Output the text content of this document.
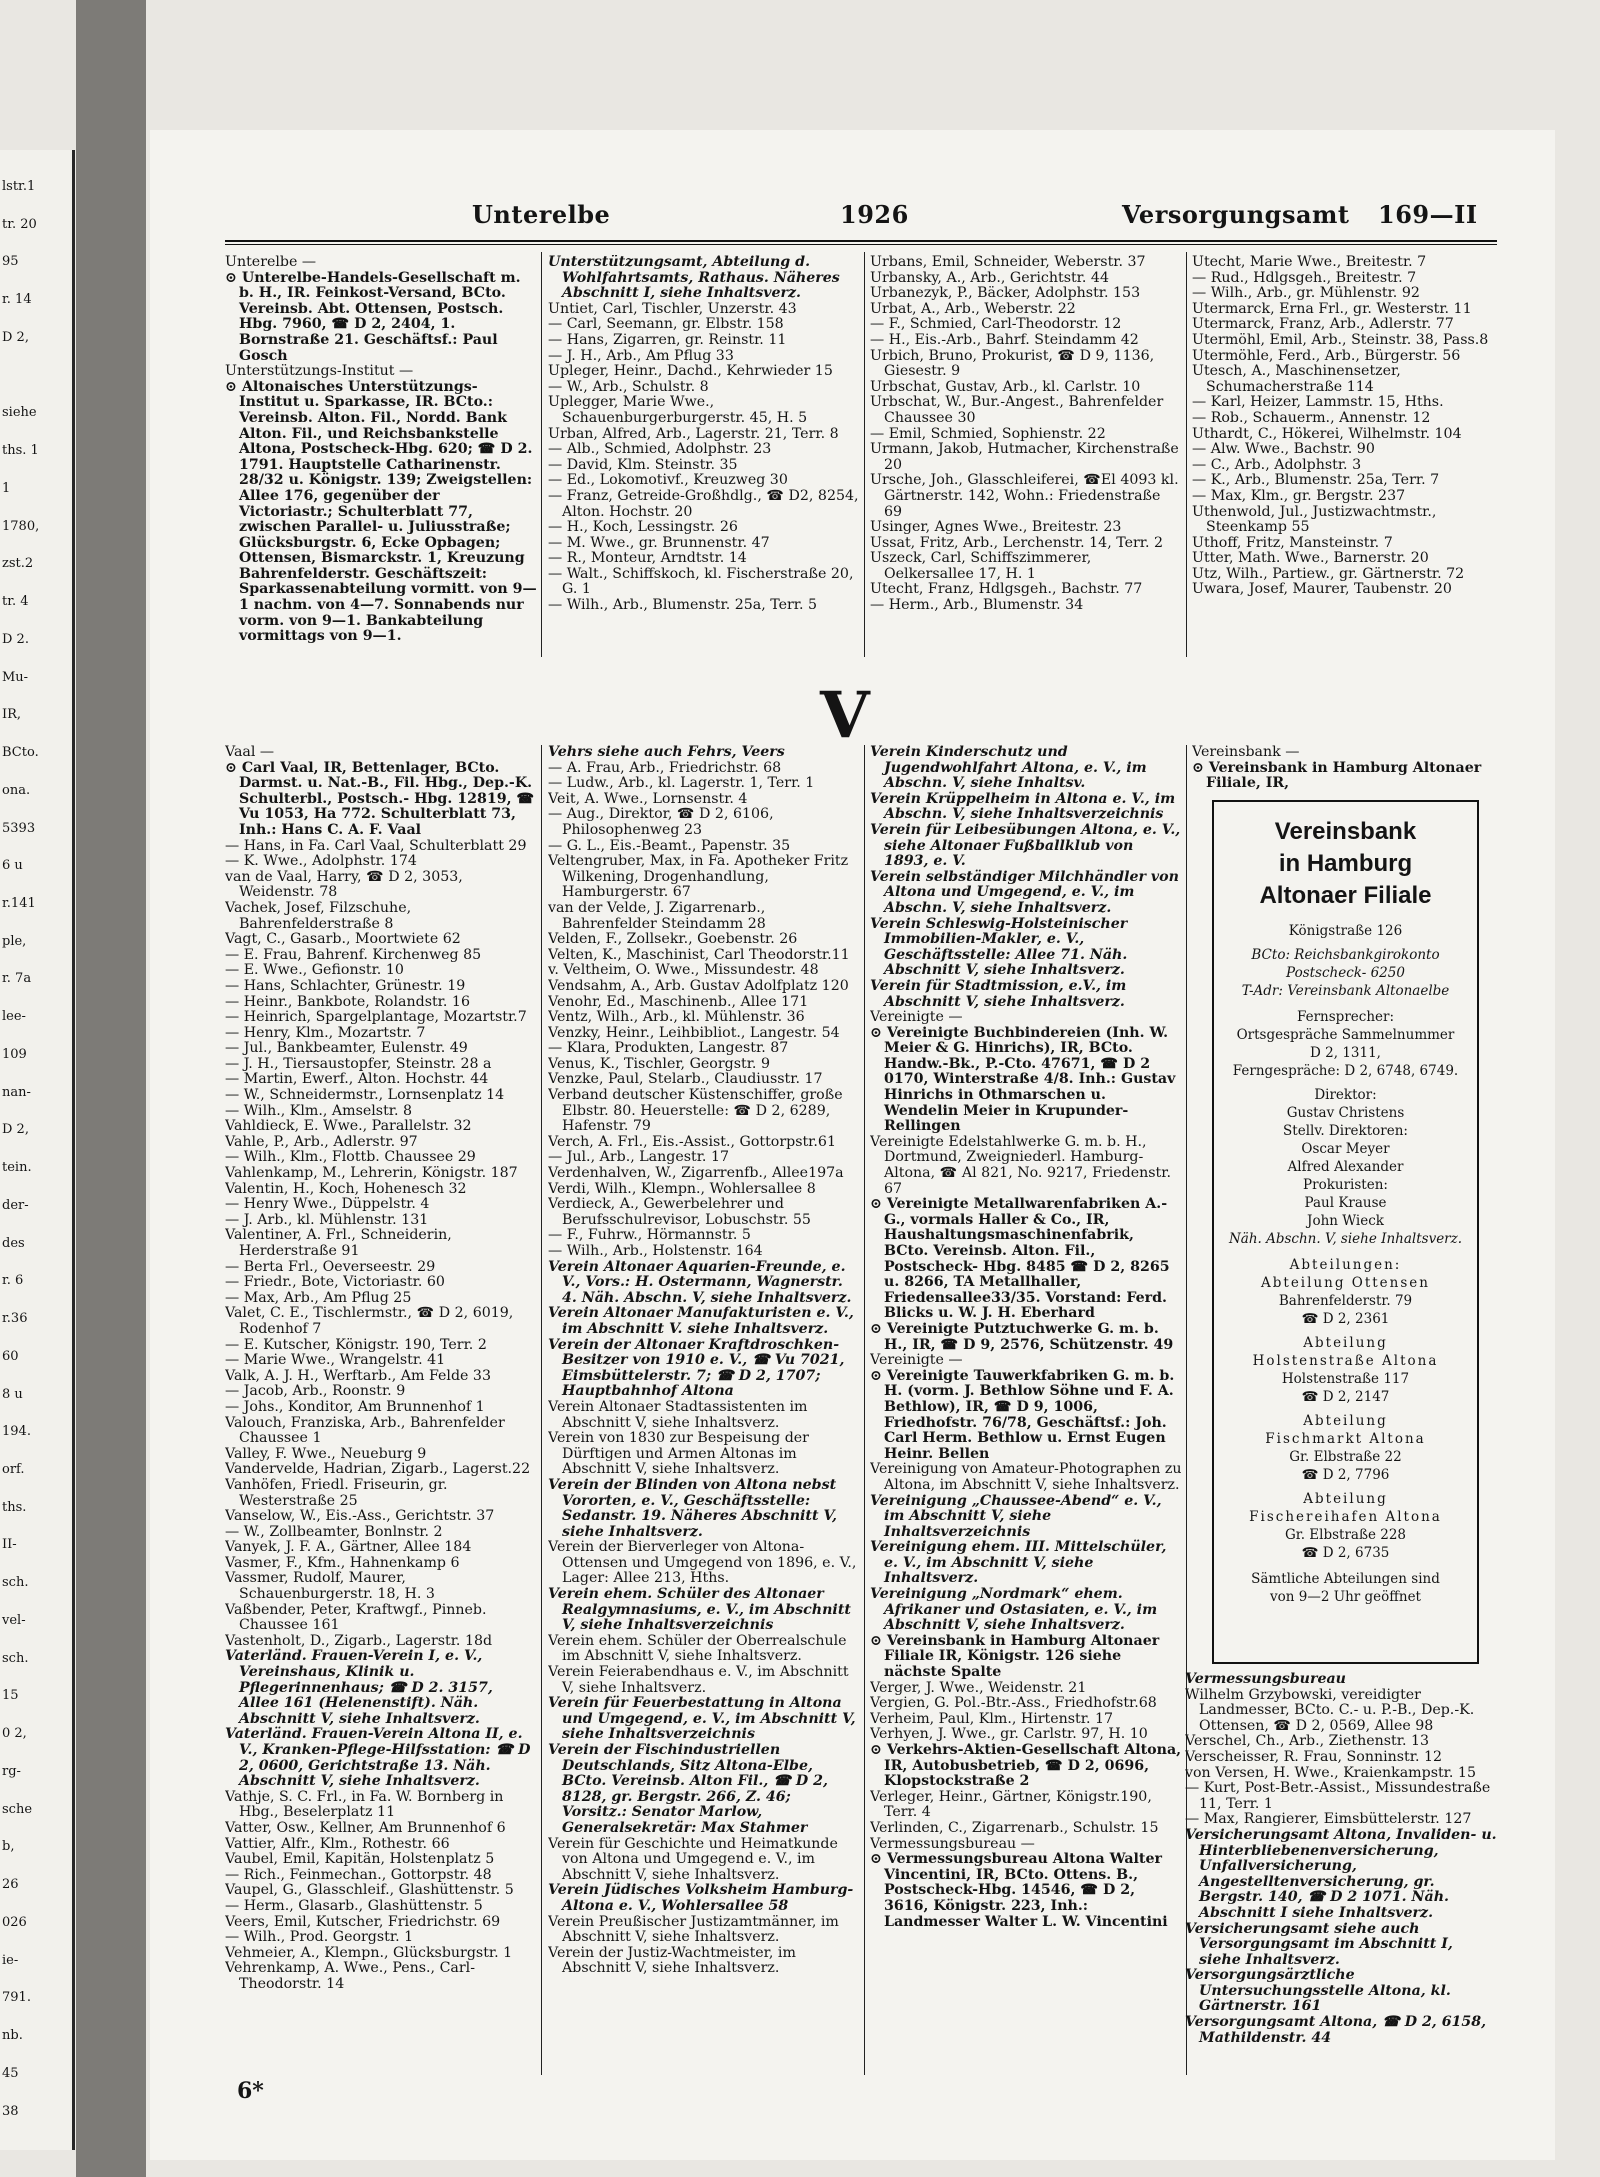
lstr.1
tr. 20
95
r. 14
D 2,
siehe
ths. 1
1
1780,
zst.2
tr. 4
D 2.
Mu-
IR,
BCto.
ona.
5393
6 u
r.141
ple,
r. 7a
lee-
109
nan-
D 2,
tein.
der-
des
r. 6
r.36
60
8 u
194.
orf.
ths.
II-
sch.
vel-
sch.
15
0 2,
rg-
sche
b,
26
026
ie-
791.
nb.
45
38
Unterelbe	1926	Versorgungsamt 169—II
Unterelbe —
⊙ Unterelbe-Handels-Gesellschaft m. b. H., IR. Feinkost-Versand, BCto. Vereinsb. Abt. Ottensen, Postsch. Hbg. 7960, ☎ D 2, 2404, 1. Bornstraße 21. Geschäftsf.: Paul Gosch
Unterstützungs-Institut —
⊙ Altonaisches Unterstützungs-Institut u. Sparkasse, IR. BCto.: Vereinsb. Alton. Fil., Nordd. Bank Alton. Fil., und Reichsbankstelle Altona, Postscheck-Hbg. 620; ☎ D 2. 1791. Hauptstelle Catharinenstr. 28/32 u. Königstr. 139; Zweigstellen: Allee 176, gegenüber der Victoriastr.; Schulterblatt 77, zwischen Parallel- u. Juliusstraße; Glücksburgstr. 6, Ecke Opbagen; Ottensen, Bismarckstr. 1, Kreuzung Bahrenfelderstr. Geschäftszeit: Sparkassenabteilung vormitt. von 9—1 nachm. von 4—7. Sonnabends nur vorm. von 9—1. Bankabteilung vormittags von 9—1.
Unterstützungsamt, Abteilung d. Wohlfahrtsamts, Rathaus. Näheres Abschnitt I, siehe Inhaltsverz.
Untiet, Carl, Tischler, Unzerstr. 43
— Carl, Seemann, gr. Elbstr. 158
— Hans, Zigarren, gr. Reinstr. 11
— J. H., Arb., Am Pflug 33
Upleger, Heinr., Dachd., Kehrwieder 15
— W., Arb., Schulstr. 8
Uplegger, Marie Wwe., Schauenburgerburgerstr. 45, H. 5
Urban, Alfred, Arb., Lagerstr. 21, Terr. 8
— Alb., Schmied, Adolphstr. 23
— David, Klm. Steinstr. 35
— Ed., Lokomotivf., Kreuzweg 30
— Franz, Getreide-Großhdlg., ☎ D2, 8254, Alton. Hochstr. 20
— H., Koch, Lessingstr. 26
— M. Wwe., gr. Brunnenstr. 47
— R., Monteur, Arndtstr. 14
— Walt., Schiffskoch, kl. Fischerstraße 20, G. 1
— Wilh., Arb., Blumenstr. 25a, Terr. 5
Urbans, Emil, Schneider, Weberstr. 37
Urbansky, A., Arb., Gerichtstr. 44
Urbanezyk, P., Bäcker, Adolphstr. 153
Urbat, A., Arb., Weberstr. 22
— F., Schmied, Carl-Theodorstr. 12
— H., Eis.-Arb., Bahrf. Steindamm 42
Urbich, Bruno, Prokurist, ☎ D 9, 1136, Giesestr. 9
Urbschat, Gustav, Arb., kl. Carlstr. 10
Urbschat, W., Bur.-Angest., Bahrenfelder Chaussee 30
— Emil, Schmied, Sophienstr. 22
Urmann, Jakob, Hutmacher, Kirchenstraße 20
Ursche, Joh., Glasschleiferei, ☎El 4093 kl. Gärtnerstr. 142, Wohn.: Friedenstraße 69
Usinger, Agnes Wwe., Breitestr. 23
Ussat, Fritz, Arb., Lerchenstr. 14, Terr. 2
Uszeck, Carl, Schiffszimmerer, Oelkersallee 17, H. 1
Utecht, Franz, Hdlgsgeh., Bachstr. 77
— Herm., Arb., Blumenstr. 34
Utecht, Marie Wwe., Breitestr. 7
— Rud., Hdlgsgeh., Breitestr. 7
— Wilh., Arb., gr. Mühlenstr. 92
Utermarck, Erna Frl., gr. Westerstr. 11
Utermarck, Franz, Arb., Adlerstr. 77
Utermöhl, Emil, Arb., Steinstr. 38, Pass.8
Utermöhle, Ferd., Arb., Bürgerstr. 56
Utesch, A., Maschinensetzer, Schumacherstraße 114
— Karl, Heizer, Lammstr. 15, Hths.
— Rob., Schauerm., Annenstr. 12
Uthardt, C., Hökerei, Wilhelmstr. 104
— Alw. Wwe., Bachstr. 90
— C., Arb., Adolphstr. 3
— K., Arb., Blumenstr. 25a, Terr. 7
— Max, Klm., gr. Bergstr. 237
Uthenwold, Jul., Justizwachtmstr., Steenkamp 55
Uthoff, Fritz, Mansteinstr. 7
Utter, Math. Wwe., Barnerstr. 20
Utz, Wilh., Partiew., gr. Gärtnerstr. 72
Uwara, Josef, Maurer, Taubenstr. 20
V
Vaal —
⊙ Carl Vaal, IR, Bettenlager, BCto. Darmst. u. Nat.-B., Fil. Hbg., Dep.-K. Schulterbl., Postsch.- Hbg. 12819, ☎ Vu 1053, Ha 772. Schulterblatt 73, Inh.: Hans C. A. F. Vaal
— Hans, in Fa. Carl Vaal, Schulterblatt 29
— K. Wwe., Adolphstr. 174
van de Vaal, Harry, ☎ D 2, 3053, Weidenstr. 78
Vachek, Josef, Filzschuhe, Bahrenfelderstraße 8
Vagt, C., Gasarb., Moortwiete 62
— E. Frau, Bahrenf. Kirchenweg 85
— E. Wwe., Gefionstr. 10
— Hans, Schlachter, Grünestr. 19
— Heinr., Bankbote, Rolandstr. 16
— Heinrich, Spargelplantage, Mozartstr.7
— Henry, Klm., Mozartstr. 7
— Jul., Bankbeamter, Eulenstr. 49
— J. H., Tiersaustopfer, Steinstr. 28 a
— Martin, Ewerf., Alton. Hochstr. 44
— W., Schneidermstr., Lornsenplatz 14
— Wilh., Klm., Amselstr. 8
Vahldieck, E. Wwe., Parallelstr. 32
Vahle, P., Arb., Adlerstr. 97
— Wilh., Klm., Flottb. Chaussee 29
Vahlenkamp, M., Lehrerin, Königstr. 187
Valentin, H., Koch, Hohenesch 32
— Henry Wwe., Düppelstr. 4
— J. Arb., kl. Mühlenstr. 131
Valentiner, A. Frl., Schneiderin, Herderstraße 91
— Berta Frl., Oeverseestr. 29
— Friedr., Bote, Victoriastr. 60
— Max, Arb., Am Pflug 25
Valet, C. E., Tischlermstr., ☎ D 2, 6019, Rodenhof 7
— E. Kutscher, Königstr. 190, Terr. 2
— Marie Wwe., Wrangelstr. 41
Valk, A. J. H., Werftarb., Am Felde 33
— Jacob, Arb., Roonstr. 9
— Johs., Konditor, Am Brunnenhof 1
Valouch, Franziska, Arb., Bahrenfelder Chaussee 1
Valley, F. Wwe., Neueburg 9
Vandervelde, Hadrian, Zigarb., Lagerst.22
Vanhöfen, Friedl. Friseurin, gr. Westerstraße 25
Vanselow, W., Eis.-Ass., Gerichtstr. 37
— W., Zollbeamter, Bonlnstr. 2
Vanyek, J. F. A., Gärtner, Allee 184
Vasmer, F., Kfm., Hahnenkamp 6
Vassmer, Rudolf, Maurer, Schauenburgerstr. 18, H. 3
Vaßbender, Peter, Kraftwgf., Pinneb. Chaussee 161
Vastenholt, D., Zigarb., Lagerstr. 18d
Vaterländ. Frauen-Verein I, e. V., Vereinshaus, Klinik u. Pflegerinnenhaus; ☎ D 2. 3157, Allee 161 (Helenenstift). Näh. Abschnitt V, siehe Inhaltsverz.
Vaterländ. Frauen-Verein Altona II, e. V., Kranken-Pflege-Hilfsstation: ☎ D 2, 0600, Gerichtstraße 13. Näh. Abschnitt V, siehe Inhaltsverz.
Vathje, S. C. Frl., in Fa. W. Bornberg in Hbg., Beselerplatz 11
Vatter, Osw., Kellner, Am Brunnenhof 6
Vattier, Alfr., Klm., Rothestr. 66
Vaubel, Emil, Kapitän, Holstenplatz 5
— Rich., Feinmechan., Gottorpstr. 48
Vaupel, G., Glasschleif., Glashüttenstr. 5
— Herm., Glasarb., Glashüttenstr. 5
Veers, Emil, Kutscher, Friedrichstr. 69
— Wilh., Prod. Georgstr. 1
Vehmeier, A., Klempn., Glücksburgstr. 1
Vehrenkamp, A. Wwe., Pens., Carl-Theodorstr. 14
Vehrs siehe auch Fehrs, Veers
— A. Frau, Arb., Friedrichstr. 68
— Ludw., Arb., kl. Lagerstr. 1, Terr. 1
Veit, A. Wwe., Lornsenstr. 4
— Aug., Direktor, ☎ D 2, 6106, Philosophenweg 23
— G. L., Eis.-Beamt., Papenstr. 35
Veltengruber, Max, in Fa. Apotheker Fritz Wilkening, Drogenhandlung, Hamburgerstr. 67
van der Velde, J. Zigarrenarb., Bahrenfelder Steindamm 28
Velden, F., Zollsekr., Goebenstr. 26
Velten, K., Maschinist, Carl Theodorstr.11
v. Veltheim, O. Wwe., Missundestr. 48
Vendsahm, A., Arb. Gustav Adolfplatz 120
Venohr, Ed., Maschinenb., Allee 171
Ventz, Wilh., Arb., kl. Mühlenstr. 36
Venzky, Heinr., Leihbibliot., Langestr. 54
— Klara, Produkten, Langestr. 87
Venus, K., Tischler, Georgstr. 9
Venzke, Paul, Stelarb., Claudiusstr. 17
Verband deutscher Küstenschiffer, große Elbstr. 80. Heuerstelle: ☎ D 2, 6289, Hafenstr. 79
Verch, A. Frl., Eis.-Assist., Gottorpstr.61
— Jul., Arb., Langestr. 17
Verdenhalven, W., Zigarrenfb., Allee197a
Verdi, Wilh., Klempn., Wohlersallee 8
Verdieck, A., Gewerbelehrer und Berufsschulrevisor, Lobuschstr. 55
— F., Fuhrw., Hörmannstr. 5
— Wilh., Arb., Holstenstr. 164
Verein Altonaer Aquarien-Freunde, e. V., Vors.: H. Ostermann, Wagnerstr. 4. Näh. Abschn. V, siehe Inhaltsverz.
Verein Altonaer Manufakturisten e. V., im Abschnitt V. siehe Inhaltsverz.
Verein der Altonaer Kraftdroschken-Besitzer von 1910 e. V., ☎ Vu 7021, Eimsbüttelerstr. 7; ☎ D 2, 1707; Hauptbahnhof Altona
Verein Altonaer Stadtassistenten im Abschnitt V, siehe Inhaltsverz.
Verein von 1830 zur Bespeisung der Dürftigen und Armen Altonas im Abschnitt V, siehe Inhaltsverz.
Verein der Blinden von Altona nebst Vororten, e. V., Geschäftsstelle: Sedanstr. 19. Näheres Abschnitt V, siehe Inhaltsverz.
Verein der Bierverleger von Altona-Ottensen und Umgegend von 1896, e. V., Lager: Allee 213, Hths.
Verein ehem. Schüler des Altonaer Realgymnasiums, e. V., im Abschnitt V, siehe Inhaltsverzeichnis
Verein ehem. Schüler der Oberrealschule im Abschnitt V, siehe Inhaltsverz.
Verein Feierabendhaus e. V., im Abschnitt V, siehe Inhaltsverz.
Verein für Feuerbestattung in Altona und Umgegend, e. V., im Abschnitt V, siehe Inhaltsverzeichnis
Verein der Fischindustriellen Deutschlands, Sitz Altona-Elbe, BCto. Vereinsb. Alton Fil., ☎ D 2, 8128, gr. Bergstr. 266, Z. 46; Vorsitz.: Senator Marlow, Generalsekretär: Max Stahmer
Verein für Geschichte und Heimatkunde von Altona und Umgegend e. V., im Abschnitt V, siehe Inhaltsverz.
Verein Jüdisches Volksheim Hamburg-Altona e. V., Wohlersallee 58
Verein Preußischer Justizamtmänner, im Abschnitt V, siehe Inhaltsverz.
Verein der Justiz-Wachtmeister, im Abschnitt V, siehe Inhaltsverz.
Verein Kinderschutz und Jugendwohlfahrt Altona, e. V., im Abschn. V, siehe Inhaltsv.
Verein Krüppelheim in Altona e. V., im Abschn. V, siehe Inhaltsverzeichnis
Verein für Leibesübungen Altona, e. V., siehe Altonaer Fußballklub von 1893, e. V.
Verein selbständiger Milchhändler von Altona und Umgegend, e. V., im Abschn. V, siehe Inhaltsverz.
Verein Schleswig-Holsteinischer Immobilien-Makler, e. V., Geschäftsstelle: Allee 71. Näh. Abschnitt V, siehe Inhaltsverz.
Verein für Stadtmission, e.V., im Abschnitt V, siehe Inhaltsverz.
Vereinigte —
⊙ Vereinigte Buchbindereien (Inh. W. Meier & G. Hinrichs), IR, BCto. Handw.-Bk., P.-Cto. 47671, ☎ D 2 0170, Winterstraße 4/8. Inh.: Gustav Hinrichs in Othmarschen u. Wendelin Meier in Krupunder-Rellingen
Vereinigte Edelstahlwerke G. m. b. H., Dortmund, Zweigniederl. Hamburg-Altona, ☎ Al 821, No. 9217, Friedenstr. 67
⊙ Vereinigte Metallwarenfabriken A.-G., vormals Haller & Co., IR, Haushaltungsmaschinenfabrik, BCto. Vereinsb. Alton. Fil., Postscheck- Hbg. 8485 ☎ D 2, 8265 u. 8266, TA Metallhaller, Friedensallee33/35. Vorstand: Ferd. Blicks u. W. J. H. Eberhard
⊙ Vereinigte Putztuchwerke G. m. b. H., IR, ☎ D 9, 2576, Schützenstr. 49
Vereinigte —
⊙ Vereinigte Tauwerkfabriken G. m. b. H. (vorm. J. Bethlow Söhne und F. A. Bethlow), IR, ☎ D 9, 1006, Friedhofstr. 76/78, Geschäftsf.: Joh. Carl Herm. Bethlow u. Ernst Eugen Heinr. Bellen
Vereinigung von Amateur-Photographen zu Altona, im Abschnitt V, siehe Inhaltsverz.
Vereinigung „Chaussee-Abend“ e. V., im Abschnitt V, siehe Inhaltsverzeichnis
Vereinigung ehem. III. Mittelschüler, e. V., im Abschnitt V, siehe Inhaltsverz.
Vereinigung „Nordmark“ ehem. Afrikaner und Ostasiaten, e. V., im Abschnitt V, siehe Inhaltsverz.
⊙ Vereinsbank in Hamburg Altonaer Filiale IR, Königstr. 126 siehe nächste Spalte
Verger, J. Wwe., Weidenstr. 21
Vergien, G. Pol.-Btr.-Ass., Friedhofstr.68
Verheim, Paul, Klm., Hirtenstr. 17
Verhyen, J. Wwe., gr. Carlstr. 97, H. 10
⊙ Verkehrs-Aktien-Gesellschaft Altona, IR, Autobusbetrieb, ☎ D 2, 0696, Klopstockstraße 2
Verleger, Heinr., Gärtner, Königstr.190, Terr. 4
Verlinden, C., Zigarrenarb., Schulstr. 15
Vermessungsbureau —
⊙ Vermessungsbureau Altona Walter Vincentini, IR, BCto. Ottens. B., Postscheck-Hbg. 14546, ☎ D 2, 3616, Königstr. 223, Inh.: Landmesser Walter L. W. Vincentini
Vereinsbank —
⊙ Vereinsbank in Hamburg Altonaer Filiale, IR,
Vermessungsbureau
Wilhelm Grzybowski, vereidigter Landmesser, BCto. C.- u. P.-B., Dep.-K. Ottensen, ☎ D 2, 0569, Allee 98
Verschel, Ch., Arb., Ziethenstr. 13
Verscheisser, R. Frau, Sonninstr. 12
von Versen, H. Wwe., Kraienkampstr. 15
— Kurt, Post-Betr.-Assist., Missundestraße 11, Terr. 1
— Max, Rangierer, Eimsbüttelerstr. 127
Versicherungsamt Altona, Invaliden- u. Hinterbliebenenversicherung, Unfallversicherung, Angestelltenversicherung, gr. Bergstr. 140, ☎ D 2 1071. Näh. Abschnitt I siehe Inhaltsverz.
Versicherungsamt siehe auch Versorgungsamt im Abschnitt I, siehe Inhaltsverz.
Versorgungsärztliche Untersuchungsstelle Altona, kl. Gärtnerstr. 161
Versorgungsamt Altona, ☎ D 2, 6158, Mathildenstr. 44
Vereinsbank
in Hamburg
Altonaer Filiale
Königstraße 126
BCto: Reichsbankgirokonto
Postscheck- 6250
T-Adr: Vereinsbank Altonaelbe
Fernsprecher:
Ortsgespräche Sammelnummer
D 2, 1311,
Ferngespräche: D 2, 6748, 6749.
Direktor:
Gustav Christens
Stellv. Direktoren:
Oscar Meyer
Alfred Alexander
Prokuristen:
Paul Krause
John Wieck
Näh. Abschn. V, siehe Inhaltsverz.
Abteilungen:
Abteilung Ottensen
Bahrenfelderstr. 79
☎ D 2, 2361
Abteilung
Holstenstraße Altona
Holstenstraße 117
☎ D 2, 2147
Abteilung
Fischmarkt Altona
Gr. Elbstraße 22
☎ D 2, 7796
Abteilung
Fischereihafen Altona
Gr. Elbstraße 228
☎ D 2, 6735
Sämtliche Abteilungen sind
von 9—2 Uhr geöffnet
6*
